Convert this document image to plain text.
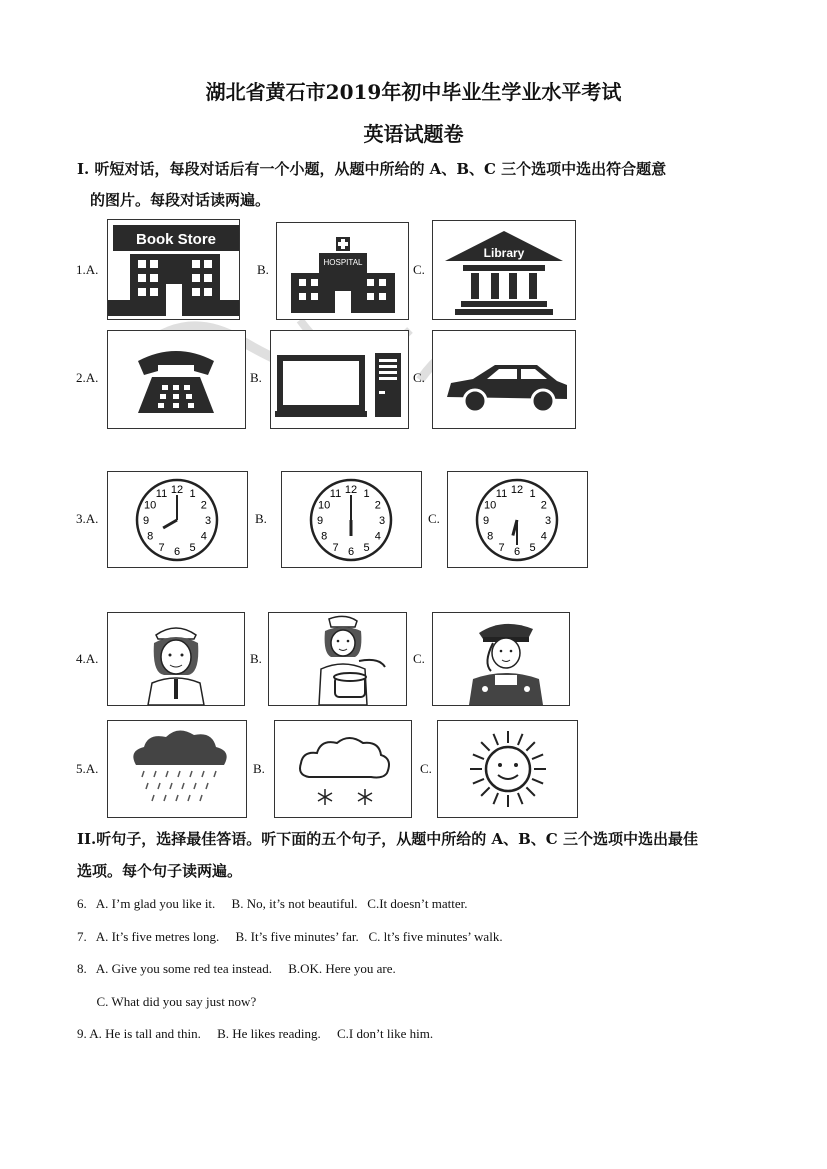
湖北省黄石市2019年初中毕业生学业水平考试
英语试题卷
I. 听短对话，每段对话后有一个小题，从题中所给的 A、B、C 三个选项中选出符合题意
的图片。每段对话读两遍。
1.A.
Book Store
B.	HOSPITAL	C.
Library
2.A.	B.	C.
3.A.
12 1
2
3
4
5
6
7
8
9
10
11
B.
12 1
2
3
4
5
6
7
8
9
10
11
C.
12 1
2
3
4
5
6
7
8
9
10
11
4.A.	B.	C.
5.A.	B.	C.
II.听句子，选择最佳答语。听下面的五个句子，从题中所给的 A、B、C 三个选项中选出最佳
选项。每个句子读两遍。
6.   A. I’m glad you like it.     B. No, it’s not beautiful.   C.It doesn’t matter.
7.   A. It’s five metres long.     B. It’s five minutes’ far.   C. lt’s five minutes’ walk.
8.   A. Give you some red tea instead.     B.OK. Here you are.
C. What did you say just now?
9. A. He is tall and thin.     B. He likes reading.     C.I don’t like him.
